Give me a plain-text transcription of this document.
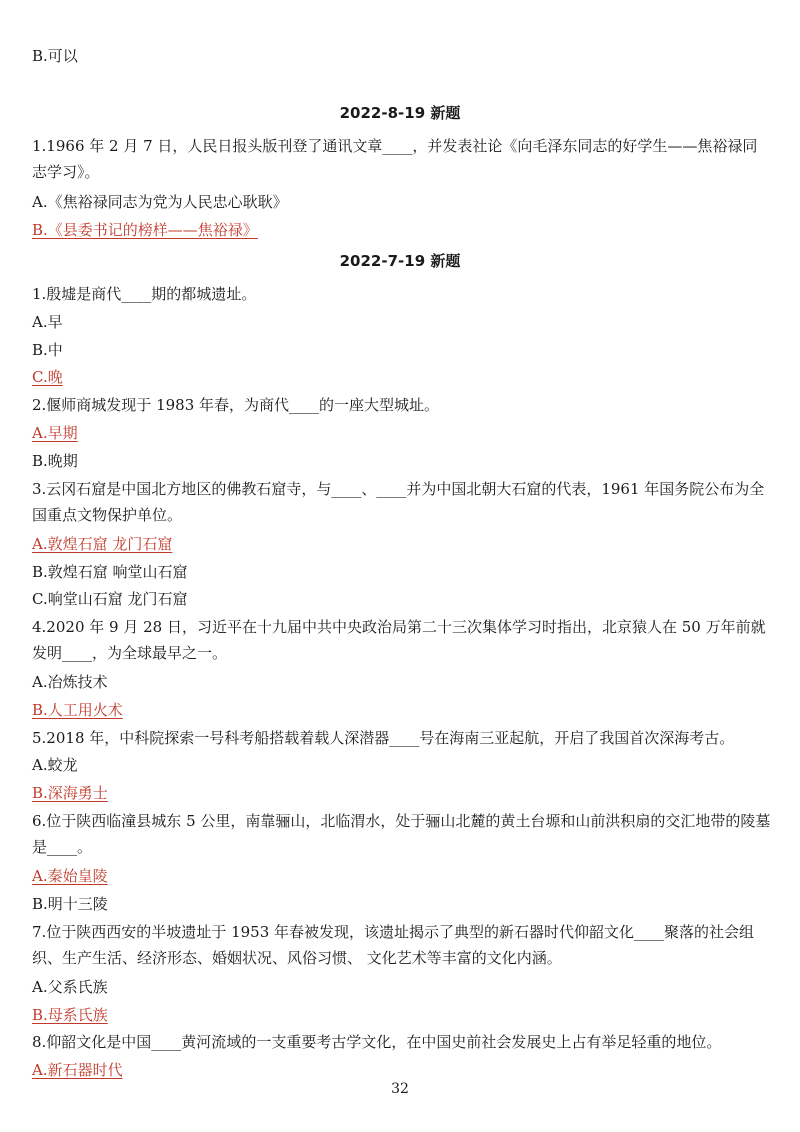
B.可以
2022-8-19 新题
1.1966 年 2 月 7 日，人民日报头版刊登了通讯文章____，并发表社论《向毛泽东同志的好学生——焦裕禄同志学习》。
A.《焦裕禄同志为党为人民忠心耿耿》
B.《县委书记的榜样——焦裕禄》
2022-7-19 新题
1.殷墟是商代____期的都城遗址。
A.早
B.中
C.晚
2.偃师商城发现于 1983 年春，为商代____的一座大型城址。
A.早期
B.晚期
3.云冈石窟是中国北方地区的佛教石窟寺，与____、____并为中国北朝大石窟的代表，1961 年国务院公布为全国重点文物保护单位。
A.敦煌石窟 龙门石窟
B.敦煌石窟 响堂山石窟
C.响堂山石窟 龙门石窟
4.2020 年 9 月 28 日，习近平在十九届中共中央政治局第二十三次集体学习时指出，北京猿人在 50 万年前就发明____，为全球最早之一。
A.冶炼技术
B.人工用火术
5.2018 年，中科院探索一号科考船搭载着载人深潜器____号在海南三亚起航，开启了我国首次深海考古。
A.蛟龙
B.深海勇士
6.位于陕西临潼县城东 5 公里，南靠骊山，北临渭水，处于骊山北麓的黄土台塬和山前洪积扇的交汇地带的陵墓是____。
A.秦始皇陵
B.明十三陵
7.位于陕西西安的半坡遗址于 1953 年春被发现，该遗址揭示了典型的新石器时代仰韶文化____聚落的社会组织、生产生活、经济形态、婚姻状况、风俗习惯、 文化艺术等丰富的文化内涵。
A.父系氏族
B.母系氏族
8.仰韶文化是中国____黄河流域的一支重要考古学文化，在中国史前社会发展史上占有举足轻重的地位。
A.新石器时代
32
